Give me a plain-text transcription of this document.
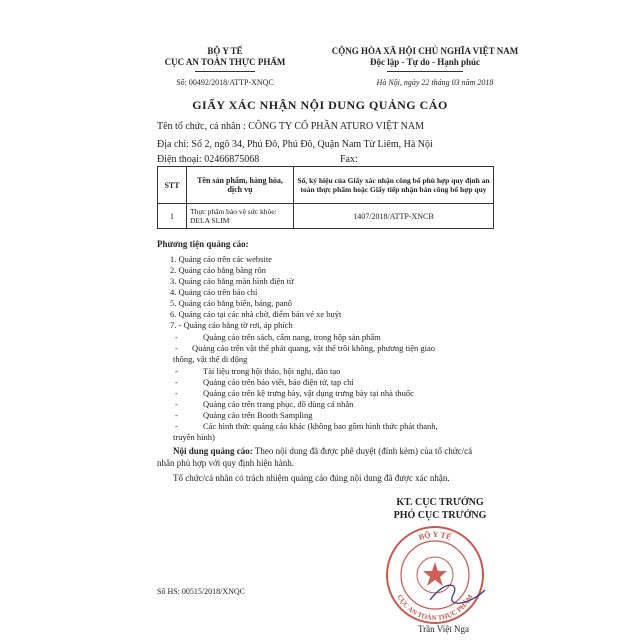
BỘ Y TẾ
CỤC AN TOÀN THỰC PHẨM
Số: 00492/2018/ATTP-XNQC
CỘNG HÒA XÃ HỘI CHỦ NGHĨA VIỆT NAM
Độc lập - Tự do - Hạnh phúc
Hà Nội, ngày 22 tháng 03 năm 2018
GIẤY XÁC NHẬN NỘI DUNG QUẢNG CÁO
Tên tổ chức, cá nhân : CÔNG TY CỔ PHẦN ATURO VIỆT NAM
Địa chỉ: Số 2, ngõ 34, Phú Đô, Phú Đô, Quận Nam Từ Liêm, Hà Nội
Điện thoại: 02466875068	Fax:
STT	Tên sản phẩm, hàng hóa, dịch vụ	Số, ký hiệu của Giấy xác nhận công bố phù hợp quy định an toàn thực phẩm hoặc Giấy tiếp nhận bản công bố hợp quy
1	Thực phẩm bảo vệ sức khỏe: DELA SLIM	1407/2018/ATTP-XNCB
Phương tiện quảng cáo:
1. Quảng cáo trên các website
2. Quảng cáo bằng băng rôn
3. Quảng cáo bằng màn hình điện tử
4. Quảng cáo trên báo chí
5. Quảng cáo bằng biển, bảng, panô
6. Quảng cáo tại các nhà chờ, điểm bán vé xe buýt
7. - Quảng cáo bằng tờ rơi, áp phích
-	Quảng cáo trên sách, cẩm nang, trong hộp sản phẩm
- Quảng cáo trên vật thể phát quang, vật thể trôi không, phương tiện giao
thông, vật thể di động
-	Tài liệu trong hội thảo, hội nghị, đào tạo
-	Quảng cáo trên báo viết, báo điện tử, tạp chí
-	Quảng cáo trên kệ trưng bày, vật dụng trưng bày tại nhà thuốc
-	Quảng cáo trên trang phục, đồ dùng cá nhân
-	Quảng cáo trên Booth Sampling
-	Các hình thức quảng cáo khác (không bao gồm hình thức phát thanh,
truyền hình)
Nội dung quảng cáo: Theo nội dung đã được phê duyệt (đính kèm) của tổ chức/cá
nhân phù hợp với quy định hiện hành.
Tổ chức/cá nhân có trách nhiệm quảng cáo đúng nội dung đã được xác nhận.
KT. CỤC TRƯỞNG
PHÓ CỤC TRƯỞNG
BỘ Y TẾ
CỤC AN TOÀN THỰC PHẨM
Trần Việt Nga
Số HS: 00515/2018/XNQC
